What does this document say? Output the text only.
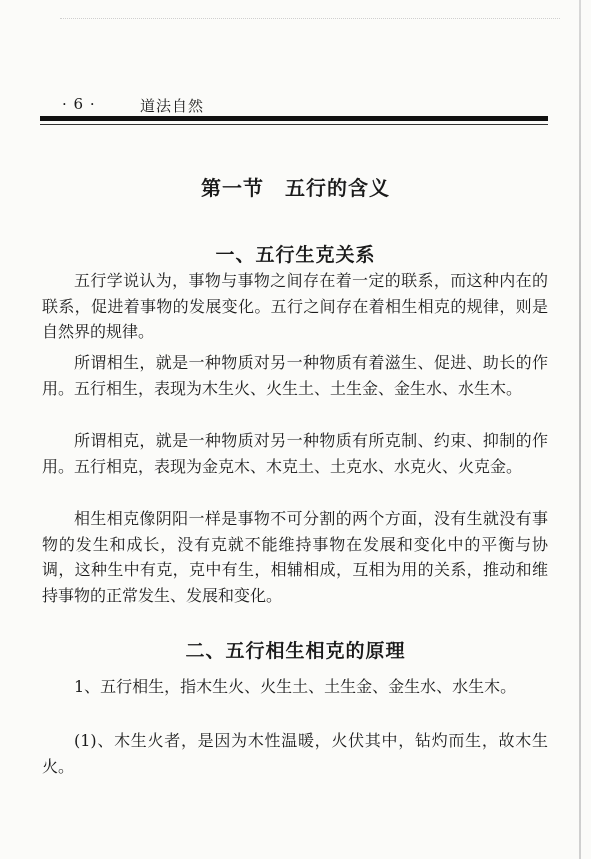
· 6 ·	道法自然
第一节　五行的含义
一、五行生克关系

五行学说认为，事物与事物之间存在着一定的联系，而这种内在的联系，促进着事物的发展变化。五行之间存在着相生相克的规律，则是自然界的规律。

所谓相生，就是一种物质对另一种物质有着滋生、促进、助长的作用。五行相生，表现为木生火、火生土、土生金、金生水、水生木。

所谓相克，就是一种物质对另一种物质有所克制、约束、抑制的作用。五行相克，表现为金克木、木克土、土克水、水克火、火克金。

相生相克像阴阳一样是事物不可分割的两个方面，没有生就没有事物的发生和成长，没有克就不能维持事物在发展和变化中的平衡与协调，这种生中有克，克中有生，相辅相成，互相为用的关系，推动和维持事物的正常发生、发展和变化。

二、五行相生相克的原理

1、五行相生，指木生火、火生土、土生金、金生水、水生木。

(1)、木生火者，是因为木性温暖，火伏其中，钻灼而生，故木生火。
